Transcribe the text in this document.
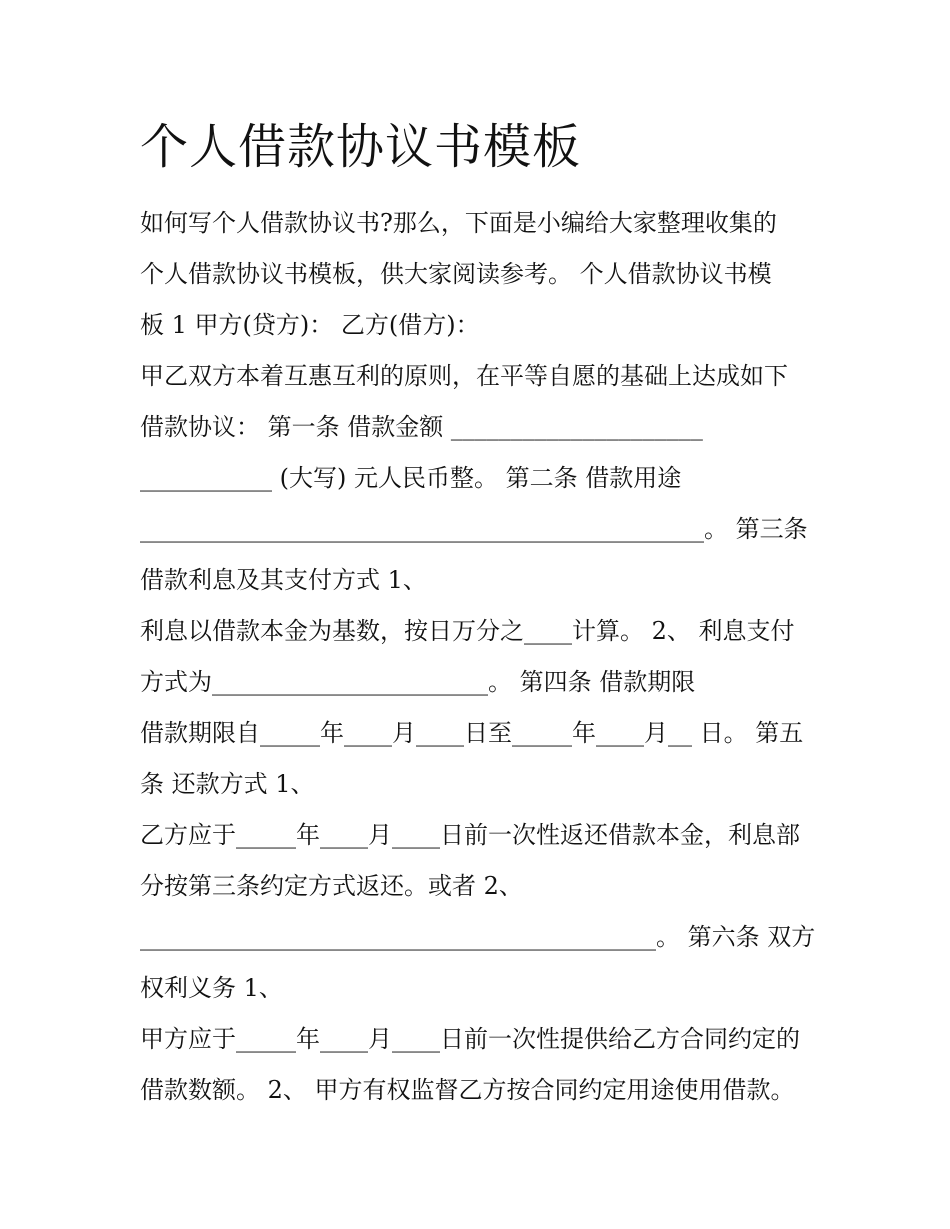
个人借款协议书模板
如何写个人借款协议书?那么，下面是小编给大家整理收集的
个人借款协议书模板，供大家阅读参考。 个人借款协议书模
板 1 甲方(贷方)： 乙方(借方)：
甲乙双方本着互惠互利的原则，在平等自愿的基础上达成如下
借款协议： 第一条 借款金额 _____________________
___________ (大写) 元人民币整。 第二条 借款用途
_______________________________________________。 第三条
借款利息及其支付方式 1、
利息以借款本金为基数，按日万分之____计算。 2、 利息支付
方式为_______________________。 第四条 借款期限
借款期限自_____年____月____日至_____年____月__ 日。 第五
条 还款方式 1、
乙方应于_____年____月____日前一次性返还借款本金，利息部
分按第三条约定方式返还。或者 2、
___________________________________________。 第六条 双方
权利义务 1、
甲方应于_____年____月____日前一次性提供给乙方合同约定的
借款数额。 2、 甲方有权监督乙方按合同约定用途使用借款。
